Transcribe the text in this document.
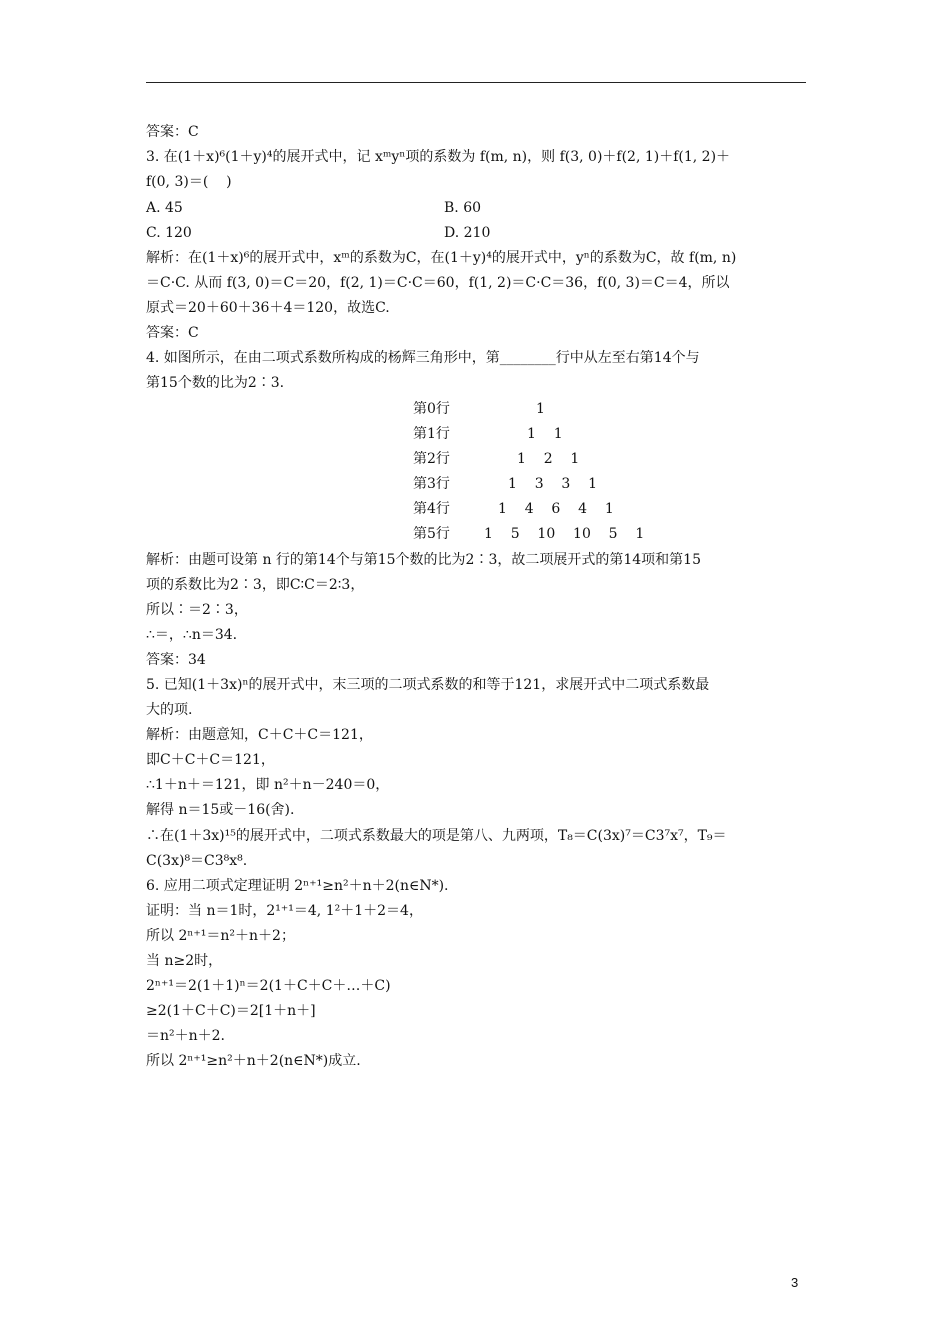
答案：C
3. 在(1＋x)⁶(1＋y)⁴的展开式中，记 xᵐyⁿ项的系数为 f(m, n)，则 f(3, 0)＋f(2, 1)＋f(1, 2)＋
f(0, 3)＝(    )
A. 45	B. 60
C. 120	D. 210
解析：在(1＋x)⁶的展开式中，xᵐ的系数为C，在(1＋y)⁴的展开式中，yⁿ的系数为C，故 f(m, n)
＝C·C. 从而 f(3, 0)＝C＝20，f(2, 1)＝C·C＝60，f(1, 2)＝C·C＝36，f(0, 3)＝C＝4，所以
原式＝20＋60＋36＋4＝120，故选C.
答案：C
4. 如图所示，在由二项式系数所构成的杨辉三角形中，第________行中从左至右第14个与
第15个数的比为2∶3.
第0行
第1行
第2行
第3行
第4行
第5行
1
1    1
1    2    1
1    3    3    1
1    4    6    4    1
1    5    10    10    5    1
解析：由题可设第 n 行的第14个与第15个数的比为2∶3，故二项展开式的第14项和第15
项的系数比为2∶3，即C∶C＝2∶3，
所以∶＝2∶3，
∴＝，∴n＝34.
答案：34
5. 已知(1＋3x)ⁿ的展开式中，末三项的二项式系数的和等于121，求展开式中二项式系数最
大的项.
解析：由题意知，C＋C＋C＝121，
即C＋C＋C＝121，
∴1＋n＋＝121，即 n²＋n－240＝0，
解得 n＝15或－16(舍).
∴在(1＋3x)¹⁵的展开式中，二项式系数最大的项是第八、九两项，T₈＝C(3x)⁷＝C3⁷x⁷，T₉＝
C(3x)⁸＝C3⁸x⁸.
6. 应用二项式定理证明 2ⁿ⁺¹≥n²＋n＋2(n∈N*).
证明：当 n＝1时，2¹⁺¹＝4, 1²＋1＋2＝4，
所以 2ⁿ⁺¹＝n²＋n＋2；
当 n≥2时，
2ⁿ⁺¹＝2(1＋1)ⁿ＝2(1＋C＋C＋…＋C)
≥2(1＋C＋C)＝2[1＋n＋]
＝n²＋n＋2.
所以 2ⁿ⁺¹≥n²＋n＋2(n∈N*)成立.
3
